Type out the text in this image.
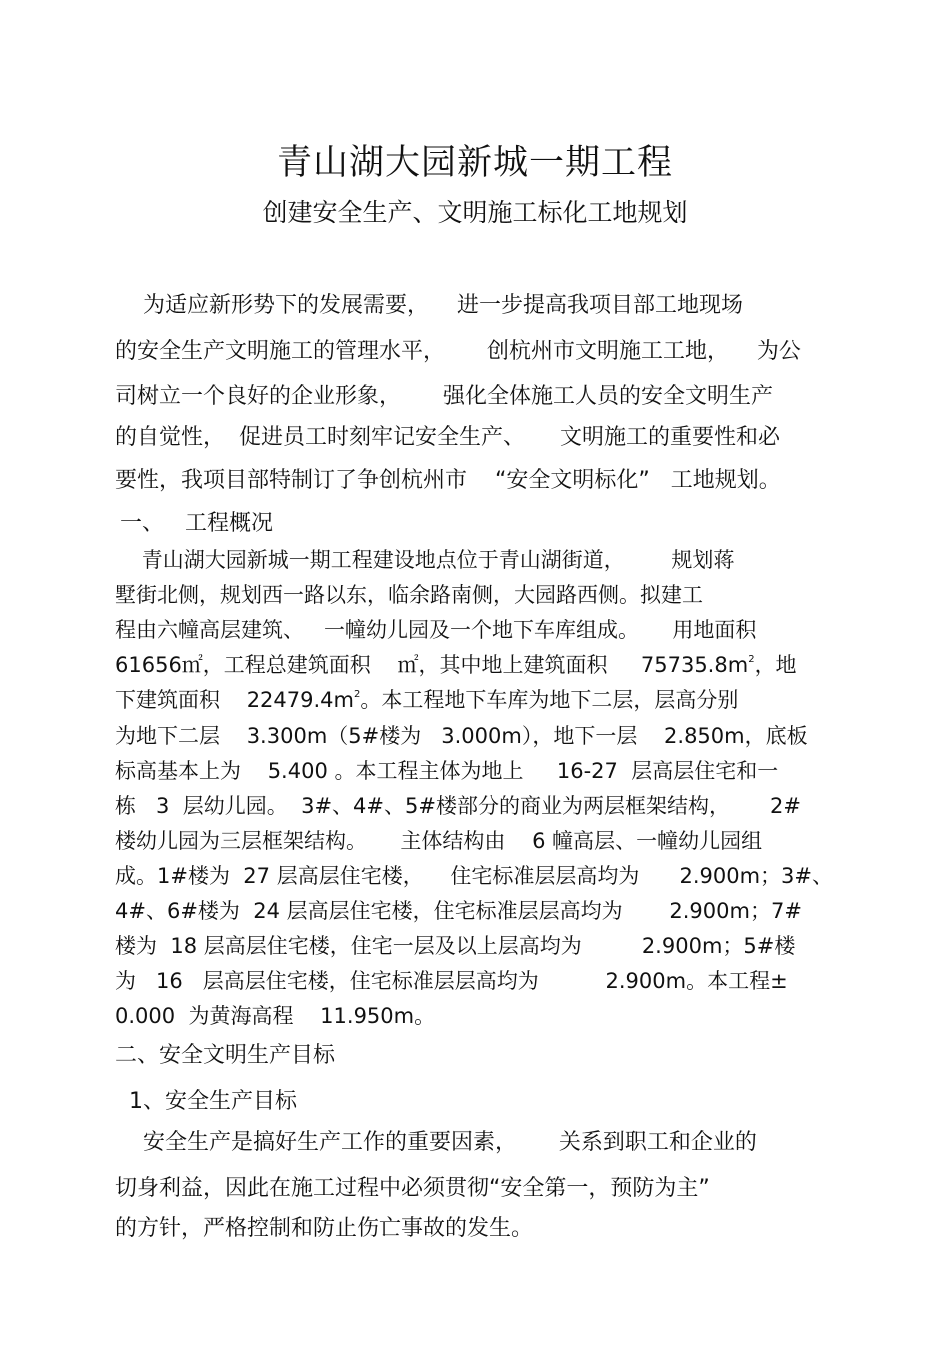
青山湖大园新城一期工程
创建安全生产、文明施工标化工地规划
为适应新形势下的发展需要，    进一步提高我项目部工地现场
的安全生产文明施工的管理水平，      创杭州市文明施工工地，    为公
司树立一个良好的企业形象，      强化全体施工人员的安全文明生产
的自觉性，  促进员工时刻牢记安全生产、     文明施工的重要性和必
要性，我项目部特制订了争创杭州市    “安全文明标化”   工地规划。
一、   工程概况
青山湖大园新城一期工程建设地点位于青山湖街道，       规划蒋
墅街北侧，规划西一路以东，临余路南侧，大园路西侧。拟建工
程由六幢高层建筑、   一幢幼儿园及一个地下车库组成。     用地面积
61656㎡，工程总建筑面积    ㎡，其中地上建筑面积     $75735.8m^2$，地
下建筑面积    $22479.4m^2$。本工程地下车库为地下二层，层高分别
为地下二层    3.300m（5#楼为   3.000m），地下一层    2.850m，底板
标高基本上为    5.400 。本工程主体为地上     16-27  层高层住宅和一
栋   3  层幼儿园。  3#、4#、5#楼部分的商业为两层框架结构，      2#
楼幼儿园为三层框架结构。     主体结构由    6 幢高层、一幢幼儿园组
成。1#楼为  27 层高层住宅楼，    住宅标准层层高均为      2.900m；3#、
4#、6#楼为  24 层高层住宅楼，住宅标准层层高均为       2.900m；7#
楼为  18 层高层住宅楼，住宅一层及以上层高均为         2.900m；5#楼
为   16   层高层住宅楼，住宅标准层层高均为          2.900m。本工程±
0.000  为黄海高程    11.950m。
二、安全文明生产目标
1、安全生产目标
安全生产是搞好生产工作的重要因素，      关系到职工和企业的
切身利益，因此在施工过程中必须贯彻“安全第一，预防为主”
的方针，严格控制和防止伤亡事故的发生。
